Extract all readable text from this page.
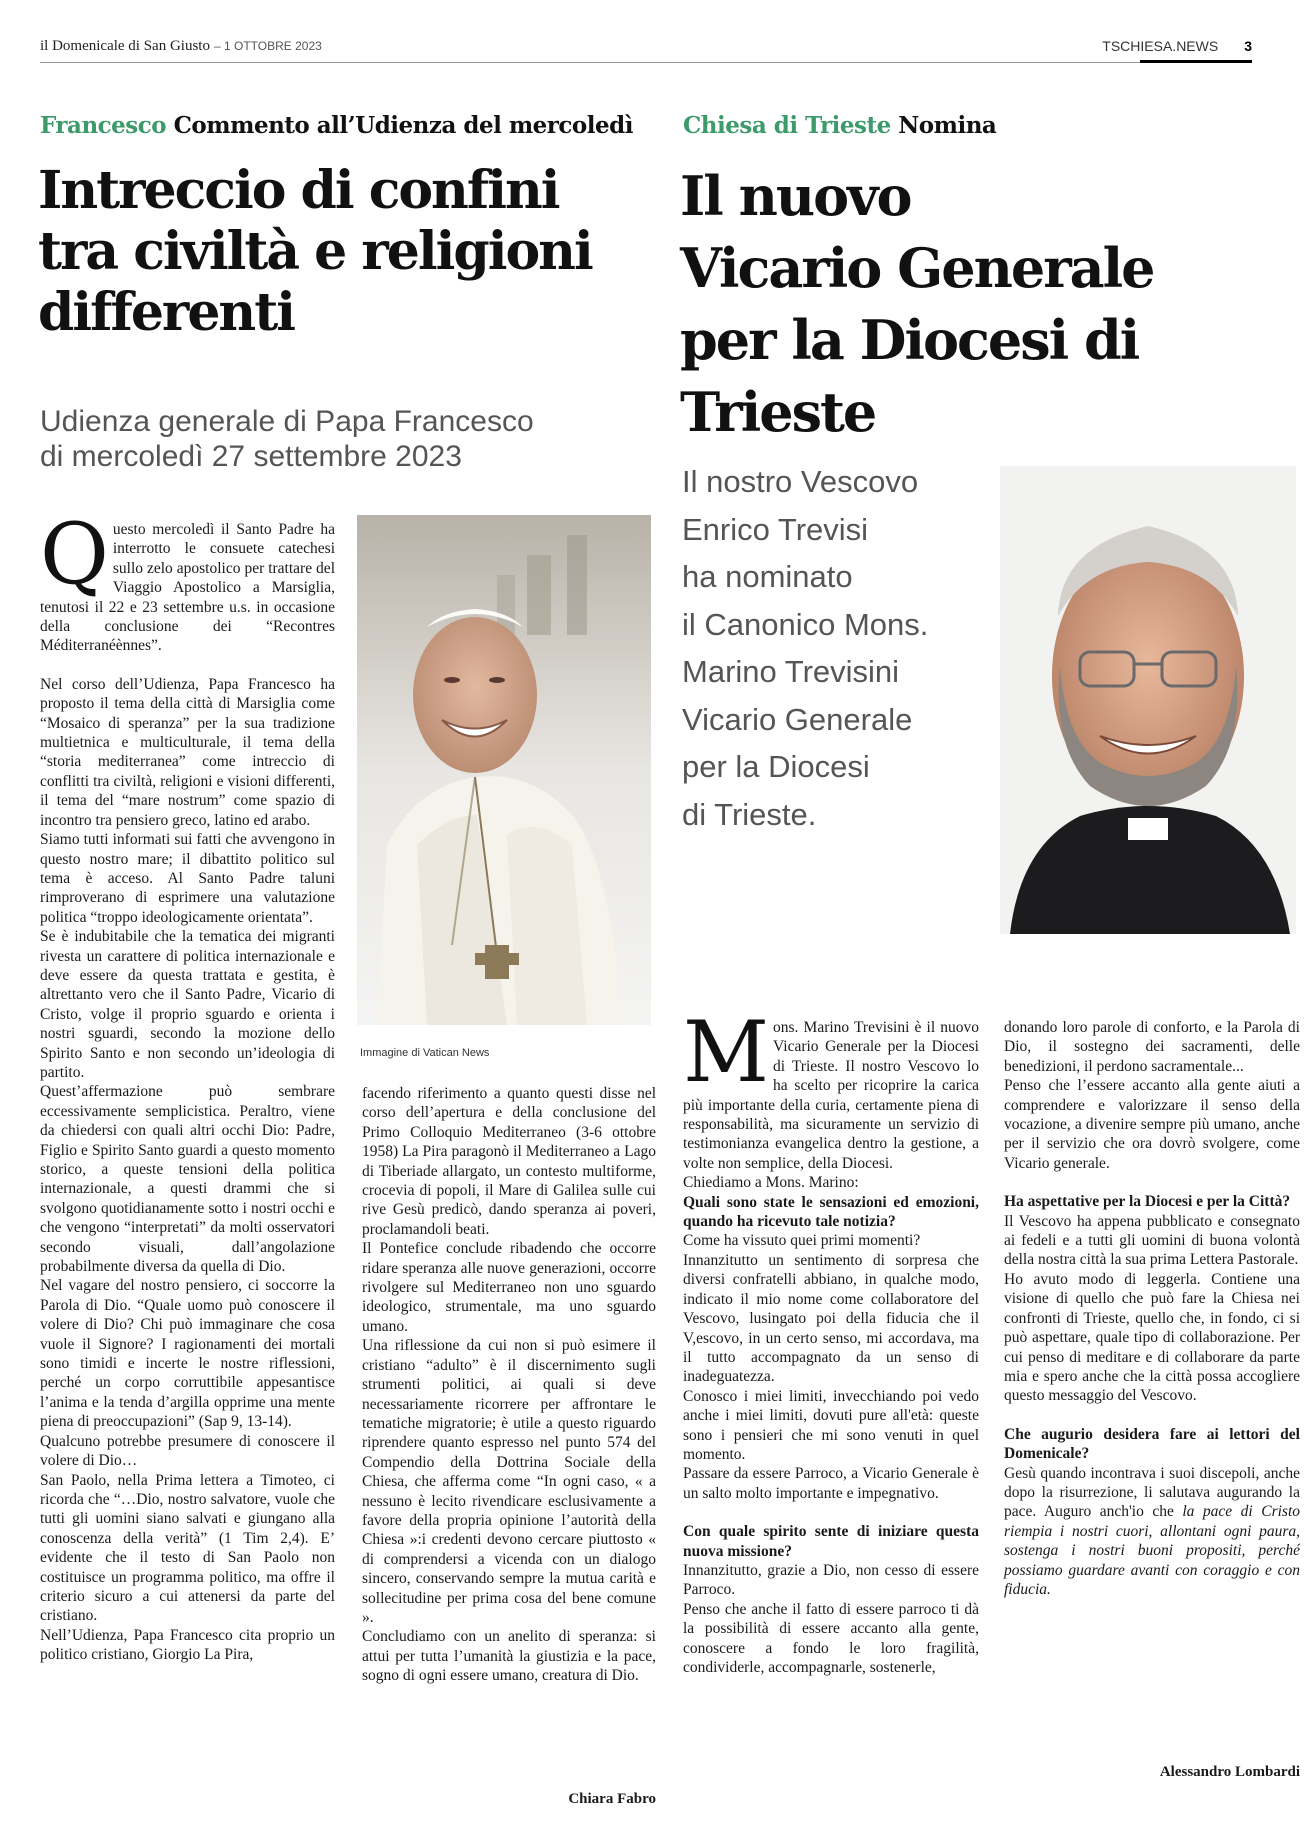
il Domenicale di San Giusto – 1 OTTOBRE 2023	TSCHIESA.NEWS 3
Francesco Commento all’Udienza del mercoledì
Intreccio di confini
tra civiltà e religioni
differenti
Udienza generale di Papa Francesco
di mercoledì 27 settembre 2023
Q uesto mercoledì il Santo Padre ha interrotto le consuete catechesi sullo zelo apostolico per trattare del Viaggio Apostolico a Marsiglia, tenutosi il 22 e 23 settembre u.s. in occasione della conclusione dei “Recontres Méditerranéènnes”.

Nel corso dell’Udienza, Papa Francesco ha proposto il tema della città di Marsiglia come “Mosaico di speranza” per la sua tradizione multietnica e multiculturale, il tema della “storia mediterranea” come intreccio di conflitti tra civiltà, religioni e visioni differenti, il tema del “mare nostrum” come spazio di incontro tra pensiero greco, latino ed arabo.

Siamo tutti informati sui fatti che avvengono in questo nostro mare; il dibattito politico sul tema è acceso. Al Santo Padre taluni rimproverano di esprimere una valutazione politica “troppo ideologicamente orientata”.

Se è indubitabile che la tematica dei migranti rivesta un carattere di politica internazionale e deve essere da questa trattata e gestita, è altrettanto vero che il Santo Padre, Vicario di Cristo, volge il proprio sguardo e orienta i nostri sguardi, secondo la mozione dello Spirito Santo e non secondo un’ideologia di partito.

Quest’affermazione può sembrare eccessivamente semplicistica. Peraltro, viene da chiedersi con quali altri occhi Dio: Padre, Figlio e Spirito Santo guardi a questo momento storico, a queste tensioni della politica internazionale, a questi drammi che si svolgono quotidianamente sotto i nostri occhi e che vengono “interpretati” da molti osservatori secondo visuali, dall’angolazione probabilmente diversa da quella di Dio.

Nel vagare del nostro pensiero, ci soccorre la Parola di Dio. “Quale uomo può conoscere il volere di Dio? Chi può immaginare che cosa vuole il Signore? I ragionamenti dei mortali sono timidi e incerte le nostre riflessioni, perché un corpo corruttibile appesantisce l’anima e la tenda d’argilla opprime una mente piena di preoccupazioni” (Sap 9, 13-14).

Qualcuno potrebbe presumere di conoscere il volere di Dio…

San Paolo, nella Prima lettera a Timoteo, ci ricorda che “…Dio, nostro salvatore, vuole che tutti gli uomini siano salvati e giungano alla conoscenza della verità” (1 Tim 2,4). E’ evidente che il testo di San Paolo non costituisce un programma politico, ma offre il criterio sicuro a cui attenersi da parte del cristiano.

Nell’Udienza, Papa Francesco cita proprio un politico cristiano, Giorgio La Pira,

Immagine di Vatican News

facendo riferimento a quanto questi disse nel corso dell’apertura e della conclusione del Primo Colloquio Mediterraneo (3-6 ottobre 1958) La Pira paragonò il Mediterraneo a Lago di Tiberiade allargato, un contesto multiforme, crocevia di popoli, il Mare di Galilea sulle cui rive Gesù predicò, dando speranza ai poveri, proclamandoli beati.

Il Pontefice conclude ribadendo che occorre ridare speranza alle nuove generazioni, occorre rivolgere sul Mediterraneo non uno sguardo ideologico, strumentale, ma uno sguardo umano.

Una riflessione da cui non si può esimere il cristiano “adulto” è il discernimento sugli strumenti politici, ai quali si deve necessariamente ricorrere per affrontare le tematiche migratorie; è utile a questo riguardo riprendere quanto espresso nel punto 574 del Compendio della Dottrina Sociale della Chiesa, che afferma come “In ogni caso, « a nessuno è lecito rivendicare esclusivamente a favore della propria opinione l’autorità della Chiesa »:i credenti devono cercare piuttosto « di comprendersi a vicenda con un dialogo sincero, conservando sempre la mutua carità e sollecitudine per prima cosa del bene comune ».

Concludiamo con un anelito di speranza: si attui per tutta l’umanità la giustizia e la pace, sogno di ogni essere umano, creatura di Dio.

Chiara Fabro
Chiesa di Trieste Nomina
Il nuovo
Vicario Generale
per la Diocesi di Trieste
Il nostro Vescovo
Enrico Trevisi
ha nominato
il Canonico Mons.
Marino Trevisini
Vicario Generale
per la Diocesi
di Trieste.
M ons. Marino Trevisini è il nuovo Vicario Generale per la Diocesi di Trieste. Il nostro Vescovo lo ha scelto per ricoprire la carica più importante della curia, certamente piena di responsabilità, ma sicuramente un servizio di testimonianza evangelica dentro la gestione, a volte non semplice, della Diocesi.

Chiediamo a Mons. Marino:

Quali sono state le sensazioni ed emozioni, quando ha ricevuto tale notizia?

Come ha vissuto quei primi momenti?

Innanzitutto un sentimento di sorpresa che diversi confratelli abbiano, in qualche modo, indicato il mio nome come collaboratore del Vescovo, lusingato poi della fiducia che il V,escovo, in un certo senso, mi accordava, ma il tutto accompagnato da un senso di inadeguatezza.

Conosco i miei limiti, invecchiando poi vedo anche i miei limiti, dovuti pure all'età: queste sono i pensieri che mi sono venuti in quel momento.

Passare da essere Parroco, a Vicario Generale è un salto molto importante e impegnativo.

Con quale spirito sente di iniziare questa nuova missione?

Innanzitutto, grazie a Dio, non cesso di essere Parroco.

Penso che anche il fatto di essere parroco ti dà la possibilità di essere accanto alla gente, conoscere a fondo le loro fragilità, condividerle, accompagnarle, sostenerle,

donando loro parole di conforto, e la Parola di Dio, il sostegno dei sacramenti, delle benedizioni, il perdono sacramentale...

Penso che l’essere accanto alla gente aiuti a comprendere e valorizzare il senso della vocazione, a divenire sempre più umano, anche per il servizio che ora dovrò svolgere, come Vicario generale.

Ha aspettative per la Diocesi e per la Città?

Il Vescovo ha appena pubblicato e consegnato ai fedeli e a tutti gli uomini di buona volontà della nostra città la sua prima Lettera Pastorale.

Ho avuto modo di leggerla. Contiene una visione di quello che può fare la Chiesa nei confronti di Trieste, quello che, in fondo, ci si può aspettare, quale tipo di collaborazione. Per cui penso di meditare e di collaborare da parte mia e spero anche che la città possa accogliere questo messaggio del Vescovo.

Che augurio desidera fare ai lettori del Domenicale?

Gesù quando incontrava i suoi discepoli, anche dopo la risurrezione, li salutava augurando la pace. Auguro anch'io che la pace di Cristo riempia i nostri cuori, allontani ogni paura, sostenga i nostri buoni propositi, perché possiamo guardare avanti con coraggio e con fiducia.

Alessandro Lombardi
